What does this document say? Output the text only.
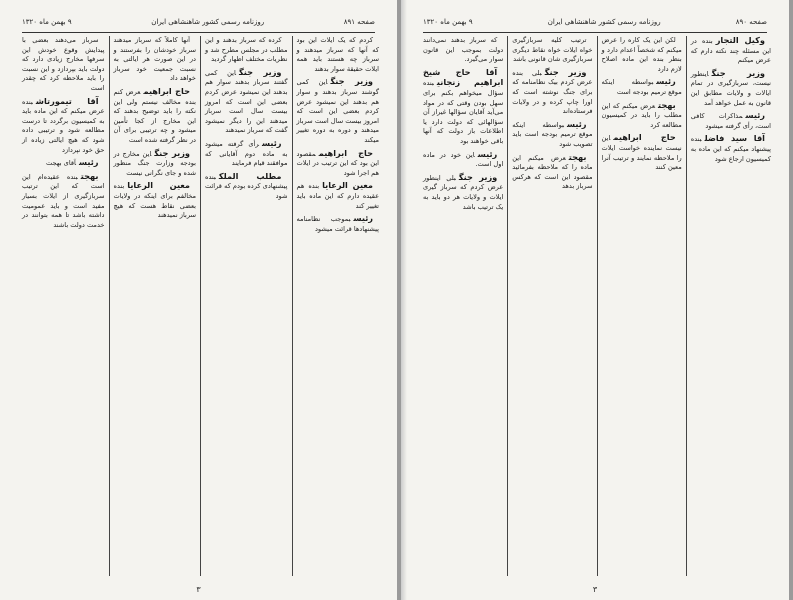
صفحه ۸۹۱
روزنامه رسمی کشور شاهنشاهی ایران
۹ بهمن ماه ۱۳۲۰

کردم که یک ایلات این بود که آنها که سرباز میدهند و سرباز چه هستند باید همه ایلات حقیقة سوار بدهند

وزیر جنگاین کمی گوشند سرباز بدهند و سوار هم بدهند این نمیشود عرض کردم بعضی این است که امروز بیست سال است سرباز میدهند و دوره به دوره تغییر میکند

حاج ابراهیممقصود این بود که این ترتیب در ایلات هم اجرا شود

معین الرعایابنده هم عقیده دارم که این ماده باید تغییر کند

رئیسبموجب نظامنامه پیشنهادها قرائت میشود

کرده که سرباز بدهند و این مطلب در مجلس مطرح شد و نظریات مختلف اظهار گردید

وزیر جنگاین کمی گفتند سرباز بدهند سوار هم بدهند این نمیشود عرض کردم بعضی این است که امروز بیست سال است سرباز میدهند این را دیگر نمیشود گفت که سرباز نمیدهند

رئیسرأی گرفته میشود به ماده دوم آقایانی که موافقند قیام فرمایند

مطلب الملکبنده پیشنهادی کرده بودم که قرائت شود

آنها کاملاً که سرباز میدهند سرباز خودشان را بفرستند و در این صورت هر ایالتی به نسبت جمعیت خود سرباز خواهد داد

حاج ابراهیمعرض کنم بنده مخالف نیستم ولی این نکته را باید توضیح بدهند که این مخارج از کجا تأمین میشود و چه ترتیبی برای آن در نظر گرفته شده است

وزیر جنگاین مخارج در بودجه وزارت جنگ منظور شده و جای نگرانی نیست

معین الرعایابنده مخالفم برای اینکه در ولایات بعضی نقاط هست که هیچ سرباز نمیدهند

سرباز می‌دهند بعضی با پیدایش وقوع خودش این سرفها مخارج زیادی دارد که دولت باید بپردازد و این نسبت را باید ملاحظه کرد که چقدر است

آقا تیمورتاشبنده عرض میکنم که این ماده باید به کمیسیون برگردد تا درست مطالعه شود و ترتیبی داده شود که هیچ ایالتی زیاده از حق خود نپردازد

رئیسآقای بهجت

بهجتبنده عقیده‌ام این است که این ترتیب سربازگیری از ایلات بسیار مفید است و باید عمومیت داشته باشد تا همه بتوانند در خدمت دولت باشند

۳
صفحه ۸۹۰
روزنامه رسمی کشور شاهنشاهی ایران
۹ بهمن ماه ۱۳۲۰

وکیل التجاربنده در این مسئله چند نکته دارم که عرض میکنم

وزیر جنگاینطور نیست، سربازگیری در تمام ایالات و ولایات مطابق این قانون به عمل خواهد آمد

رئیسمذاکرات کافی است، رأی گرفته میشود

آقا سید فاضلبنده پیشنهاد میکنم که این ماده به کمیسیون ارجاع شود

لکن این یک کاره را عرض میکنم که شخصاً اعدام دارد و بنظر بنده این ماده اصلاح لازم دارد

رئیسبواسطه اینکه موقع ترمیم بودجه است

بهجتعرض میکنم که این مطلب را باید در کمیسیون مطالعه کرد

حاج ابراهیماین نیست نماینده خواست ایلات را ملاحظه نمایند و ترتیب آنرا معین کنند

ترتیب کلیه سربازگیری خواه ایلات خواه نقاط دیگری سربازگیری شان قانونی باشد

وزیر جنگبلی بنده عرض کردم بیک نظامنامه که برای جنگ نوشته است که اورا چاپ کرده و در ولایات فرستاده‌اند

رئیسبواسطه اینکه موقع ترمیم بودجه است باید تصویب شود

بهجتعرض میکنم این ماده را که ملاحظه بفرمائید مقصود این است که هرکس سرباز بدهد

که سرباز بدهند نمی‌دانند دولت بموجب این قانون سوار می‌گیرد.

آقا حاج شیخ ابراهیم زنجانیبنده سؤال میخواهم بکنم برای سهل بودن وقتی که در مواد می‌آید آقایان سؤالها غیراز آن سؤالهائی که دولت دارد یا اطلاعات باز دولت که آنها باقی خواهند بود

رئیساین خود در ماده اول است.

وزیر جنگبلی اینطور عرض کردم که سرباز گیری ایلات و ولایات هر دو باید به یک ترتیب باشد

۳
